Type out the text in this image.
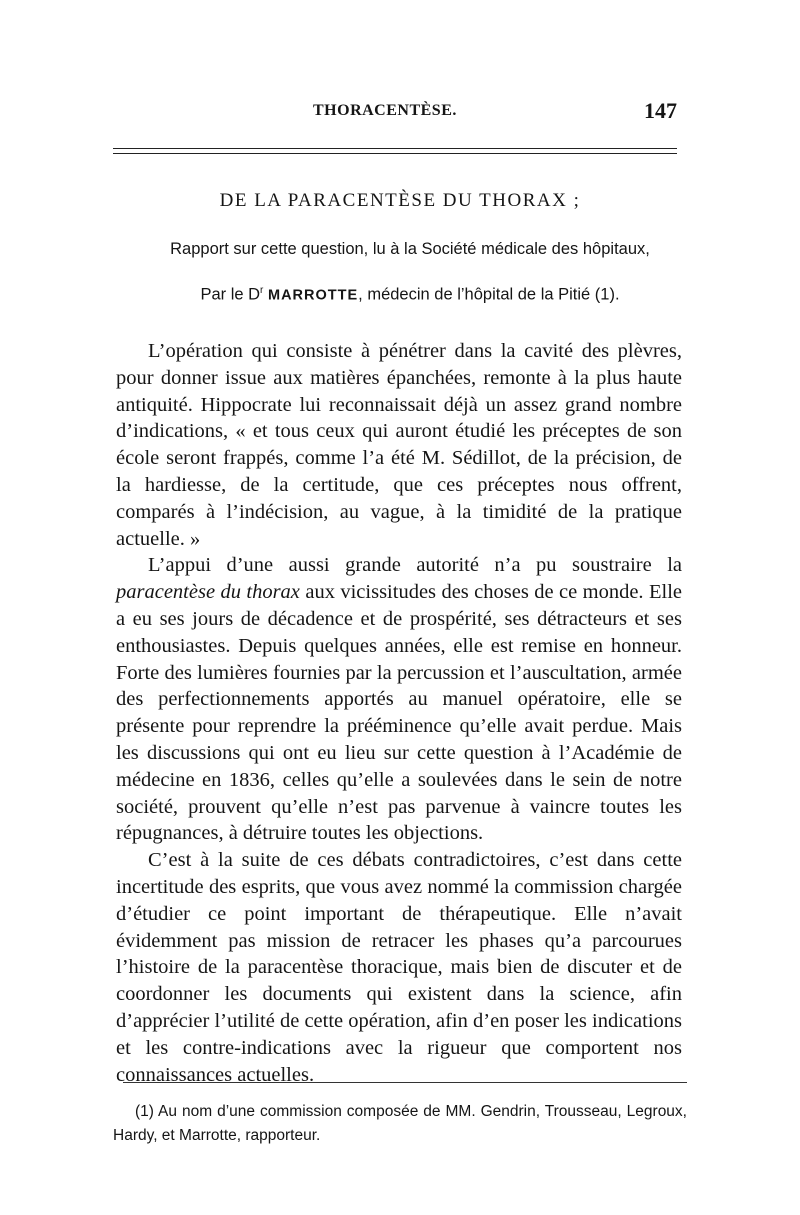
THORACENTÈSE.	147
DE LA PARACENTÈSE DU THORAX ;
Rapport sur cette question, lu à la Société médicale des hôpitaux,
Par le $D^r$ MARROTTE, médecin de l’hôpital de la Pitié (1).

L’opération qui consiste à pénétrer dans la cavité des plèvres, pour donner issue aux matières épanchées, remonte à la plus haute antiquité. Hippocrate lui reconnaissait déjà un assez grand nombre d’indications, « et tous ceux qui auront étudié les préceptes de son école seront frappés, comme l’a été M. Sédillot, de la précision, de la hardiesse, de la certitude, que ces préceptes nous offrent, comparés à l’indécision, au vague, à la timidité de la pratique actuelle. »

L’appui d’une aussi grande autorité n’a pu soustraire la paracentèse du thorax aux vicissitudes des choses de ce monde. Elle a eu ses jours de décadence et de prospérité, ses détracteurs et ses enthousiastes. Depuis quelques années, elle est remise en honneur. Forte des lumières fournies par la percussion et l’auscultation, armée des perfectionnements apportés au manuel opératoire, elle se présente pour reprendre la prééminence qu’elle avait perdue. Mais les discussions qui ont eu lieu sur cette question à l’Académie de médecine en 1836, celles qu’elle a soulevées dans le sein de notre société, prouvent qu’elle n’est pas parvenue à vaincre toutes les répugnances, à détruire toutes les objections.

C’est à la suite de ces débats contradictoires, c’est dans cette incertitude des esprits, que vous avez nommé la commission chargée d’étudier ce point important de thérapeutique. Elle n’avait évidemment pas mission de retracer les phases qu’a parcourues l’histoire de la paracentèse thoracique, mais bien de discuter et de coordonner les documents qui existent dans la science, afin d’apprécier l’utilité de cette opération, afin d’en poser les indications et les contre-indications avec la rigueur que comportent nos connaissances actuelles.

(1) Au nom d’une commission composée de MM. Gendrin, Trousseau, Legroux, Hardy, et Marrotte, rapporteur.
